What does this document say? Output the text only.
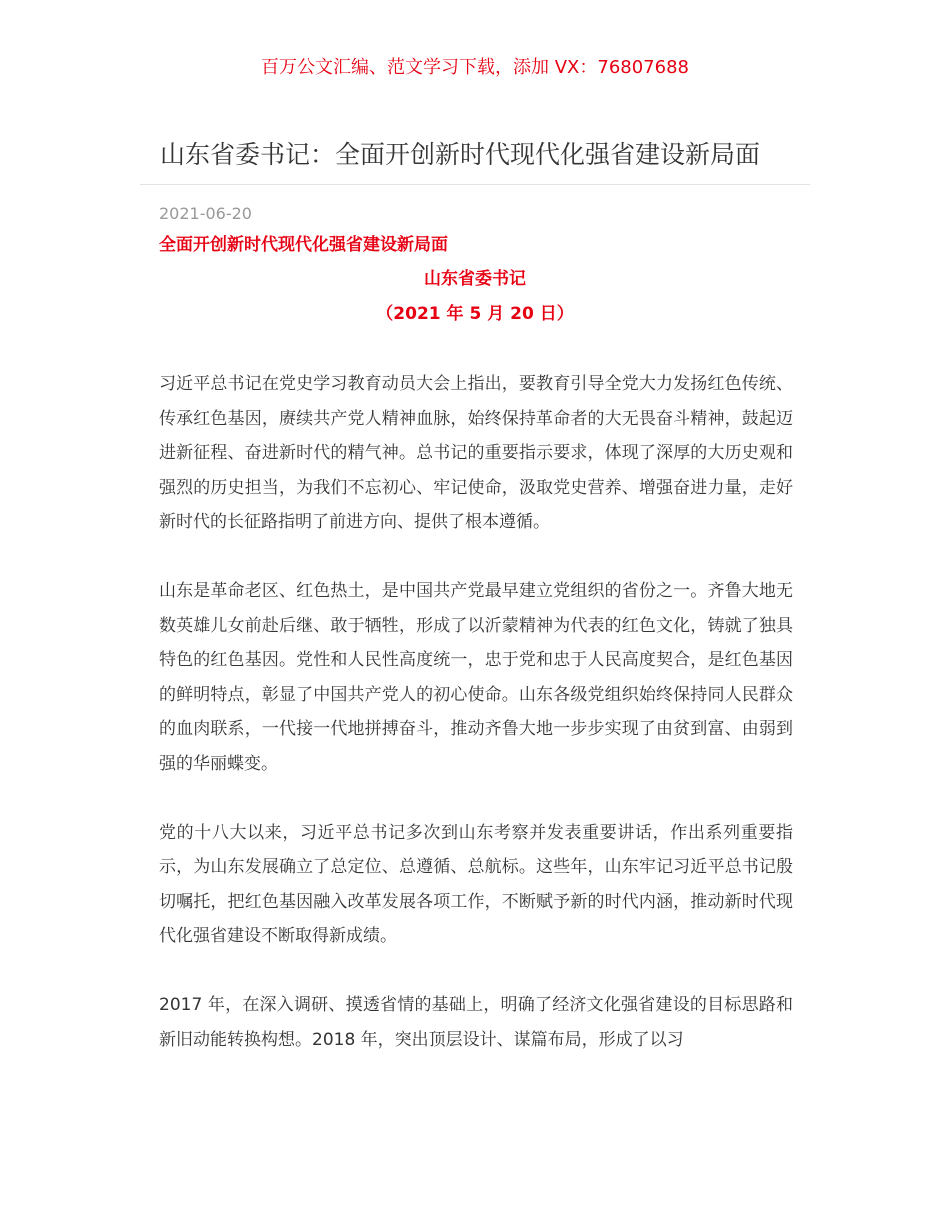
百万公文汇编、范文学习下载，添加 VX：76807688
山东省委书记：全面开创新时代现代化强省建设新局面
2021-06-20
全面开创新时代现代化强省建设新局面
山东省委书记
（2021 年 5 月 20 日）

习近平总书记在党史学习教育动员大会上指出，要教育引导全党大力发扬红色传统、传承红色基因，赓续共产党人精神血脉，始终保持革命者的大无畏奋斗精神，鼓起迈进新征程、奋进新时代的精气神。总书记的重要指示要求，体现了深厚的大历史观和强烈的历史担当，为我们不忘初心、牢记使命，汲取党史营养、增强奋进力量，走好新时代的长征路指明了前进方向、提供了根本遵循。

山东是革命老区、红色热土，是中国共产党最早建立党组织的省份之一。齐鲁大地无数英雄儿女前赴后继、敢于牺牲，形成了以沂蒙精神为代表的红色文化，铸就了独具特色的红色基因。党性和人民性高度统一，忠于党和忠于人民高度契合，是红色基因的鲜明特点，彰显了中国共产党人的初心使命。山东各级党组织始终保持同人民群众的血肉联系，一代接一代地拼搏奋斗，推动齐鲁大地一步步实现了由贫到富、由弱到强的华丽蝶变。

党的十八大以来，习近平总书记多次到山东考察并发表重要讲话，作出系列重要指示，为山东发展确立了总定位、总遵循、总航标。这些年，山东牢记习近平总书记殷切嘱托，把红色基因融入改革发展各项工作，不断赋予新的时代内涵，推动新时代现代化强省建设不断取得新成绩。

2017 年，在深入调研、摸透省情的基础上，明确了经济文化强省建设的目标思路和新旧动能转换构想。2018 年，突出顶层设计、谋篇布局，形成了以习
